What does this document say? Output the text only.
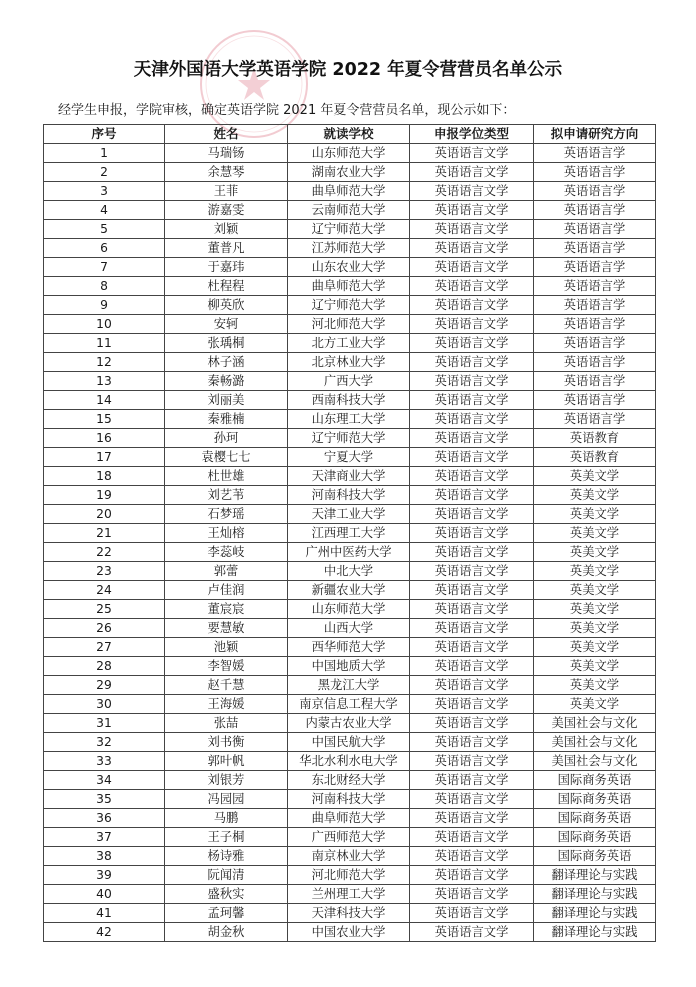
天津外国语大学英语学院 2022 年夏令营营员名单公示
经学生申报，学院审核，确定英语学院 2021 年夏令营营员名单，现公示如下：
序号	姓名	就读学校	申报学位类型	拟申请研究方向
1	马瑞钖	山东师范大学	英语语言文学	英语语言学
2	余慧琴	湖南农业大学	英语语言文学	英语语言学
3	王菲	曲阜师范大学	英语语言文学	英语语言学
4	游嘉雯	云南师范大学	英语语言文学	英语语言学
5	刘颖	辽宁师范大学	英语语言文学	英语语言学
6	董普凡	江苏师范大学	英语语言文学	英语语言学
7	于嘉玮	山东农业大学	英语语言文学	英语语言学
8	杜程程	曲阜师范大学	英语语言文学	英语语言学
9	柳英欣	辽宁师范大学	英语语言文学	英语语言学
10	安轲	河北师范大学	英语语言文学	英语语言学
11	张瑀桐	北方工业大学	英语语言文学	英语语言学
12	林子涵	北京林业大学	英语语言文学	英语语言学
13	秦畅潞	广西大学	英语语言文学	英语语言学
14	刘丽美	西南科技大学	英语语言文学	英语语言学
15	秦雅楠	山东理工大学	英语语言文学	英语语言学
16	孙珂	辽宁师范大学	英语语言文学	英语教育
17	袁樱七七	宁夏大学	英语语言文学	英语教育
18	杜世雄	天津商业大学	英语语言文学	英美文学
19	刘艺苇	河南科技大学	英语语言文学	英美文学
20	石梦瑶	天津工业大学	英语语言文学	英美文学
21	王灿榕	江西理工大学	英语语言文学	英美文学
22	李蕊岐	广州中医药大学	英语语言文学	英美文学
23	郭蕾	中北大学	英语语言文学	英美文学
24	卢佳润	新疆农业大学	英语语言文学	英美文学
25	董宸宸	山东师范大学	英语语言文学	英美文学
26	要慧敏	山西大学	英语语言文学	英美文学
27	池颖	西华师范大学	英语语言文学	英美文学
28	李智媛	中国地质大学	英语语言文学	英美文学
29	赵千慧	黑龙江大学	英语语言文学	英美文学
30	王海媛	南京信息工程大学	英语语言文学	英美文学
31	张喆	内蒙古农业大学	英语语言文学	美国社会与文化
32	刘书衡	中国民航大学	英语语言文学	美国社会与文化
33	郭叶帆	华北水利水电大学	英语语言文学	美国社会与文化
34	刘银芳	东北财经大学	英语语言文学	国际商务英语
35	冯园园	河南科技大学	英语语言文学	国际商务英语
36	马鹏	曲阜师范大学	英语语言文学	国际商务英语
37	王子桐	广西师范大学	英语语言文学	国际商务英语
38	杨诗雅	南京林业大学	英语语言文学	国际商务英语
39	阮闻清	河北师范大学	英语语言文学	翻译理论与实践
40	盛秋实	兰州理工大学	英语语言文学	翻译理论与实践
41	孟珂馨	天津科技大学	英语语言文学	翻译理论与实践
42	胡金秋	中国农业大学	英语语言文学	翻译理论与实践
